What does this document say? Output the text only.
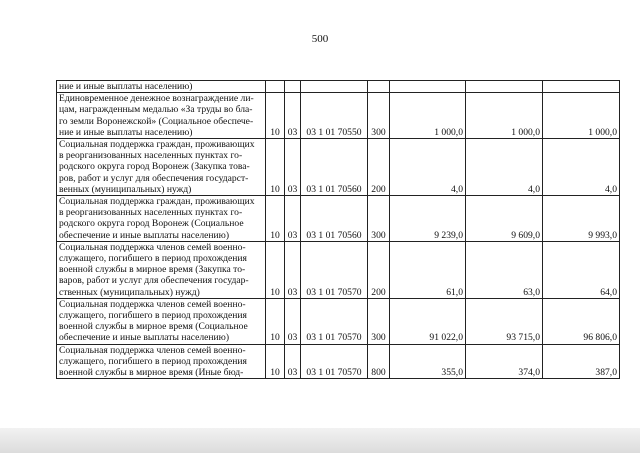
500
ние и иные выплаты населению)							

Единовременное денежное вознаграждение ли-
цам, награжденным медалью «За труды во бла-
го земли Воронежской» (Социальное обеспече-
ние и иные выплаты населению)	10	03	03 1 01 70550	300	1 000,0	1 000,0	1 000,0

Социальная поддержка граждан, проживающих
в реорганизованных населенных пунктах го-
родского округа город Воронеж (Закупка това-
ров, работ и услуг для обеспечения государст-
венных (муниципальных) нужд)	10	03	03 1 01 70560	200	4,0	4,0	4,0

Социальная поддержка граждан, проживающих
в реорганизованных населенных пунктах го-
родского округа город Воронеж (Социальное
обеспечение и иные выплаты населению)	10	03	03 1 01 70560	300	9 239,0	9 609,0	9 993,0

Социальная поддержка членов семей военно-
служащего, погибшего в период прохождения
военной службы в мирное время (Закупка то-
варов, работ и услуг для обеспечения государ-
ственных (муниципальных) нужд)	10	03	03 1 01 70570	200	61,0	63,0	64,0

Социальная поддержка членов семей военно-
служащего, погибшего в период прохождения
военной службы в мирное время (Социальное
обеспечение и иные выплаты населению)	10	03	03 1 01 70570	300	91 022,0	93 715,0	96 806,0

Социальная поддержка членов семей военно-
служащего, погибшего в период прохождения
военной службы в мирное время (Иные бюд-	10	03	03 1 01 70570	800	355,0	374,0	387,0
